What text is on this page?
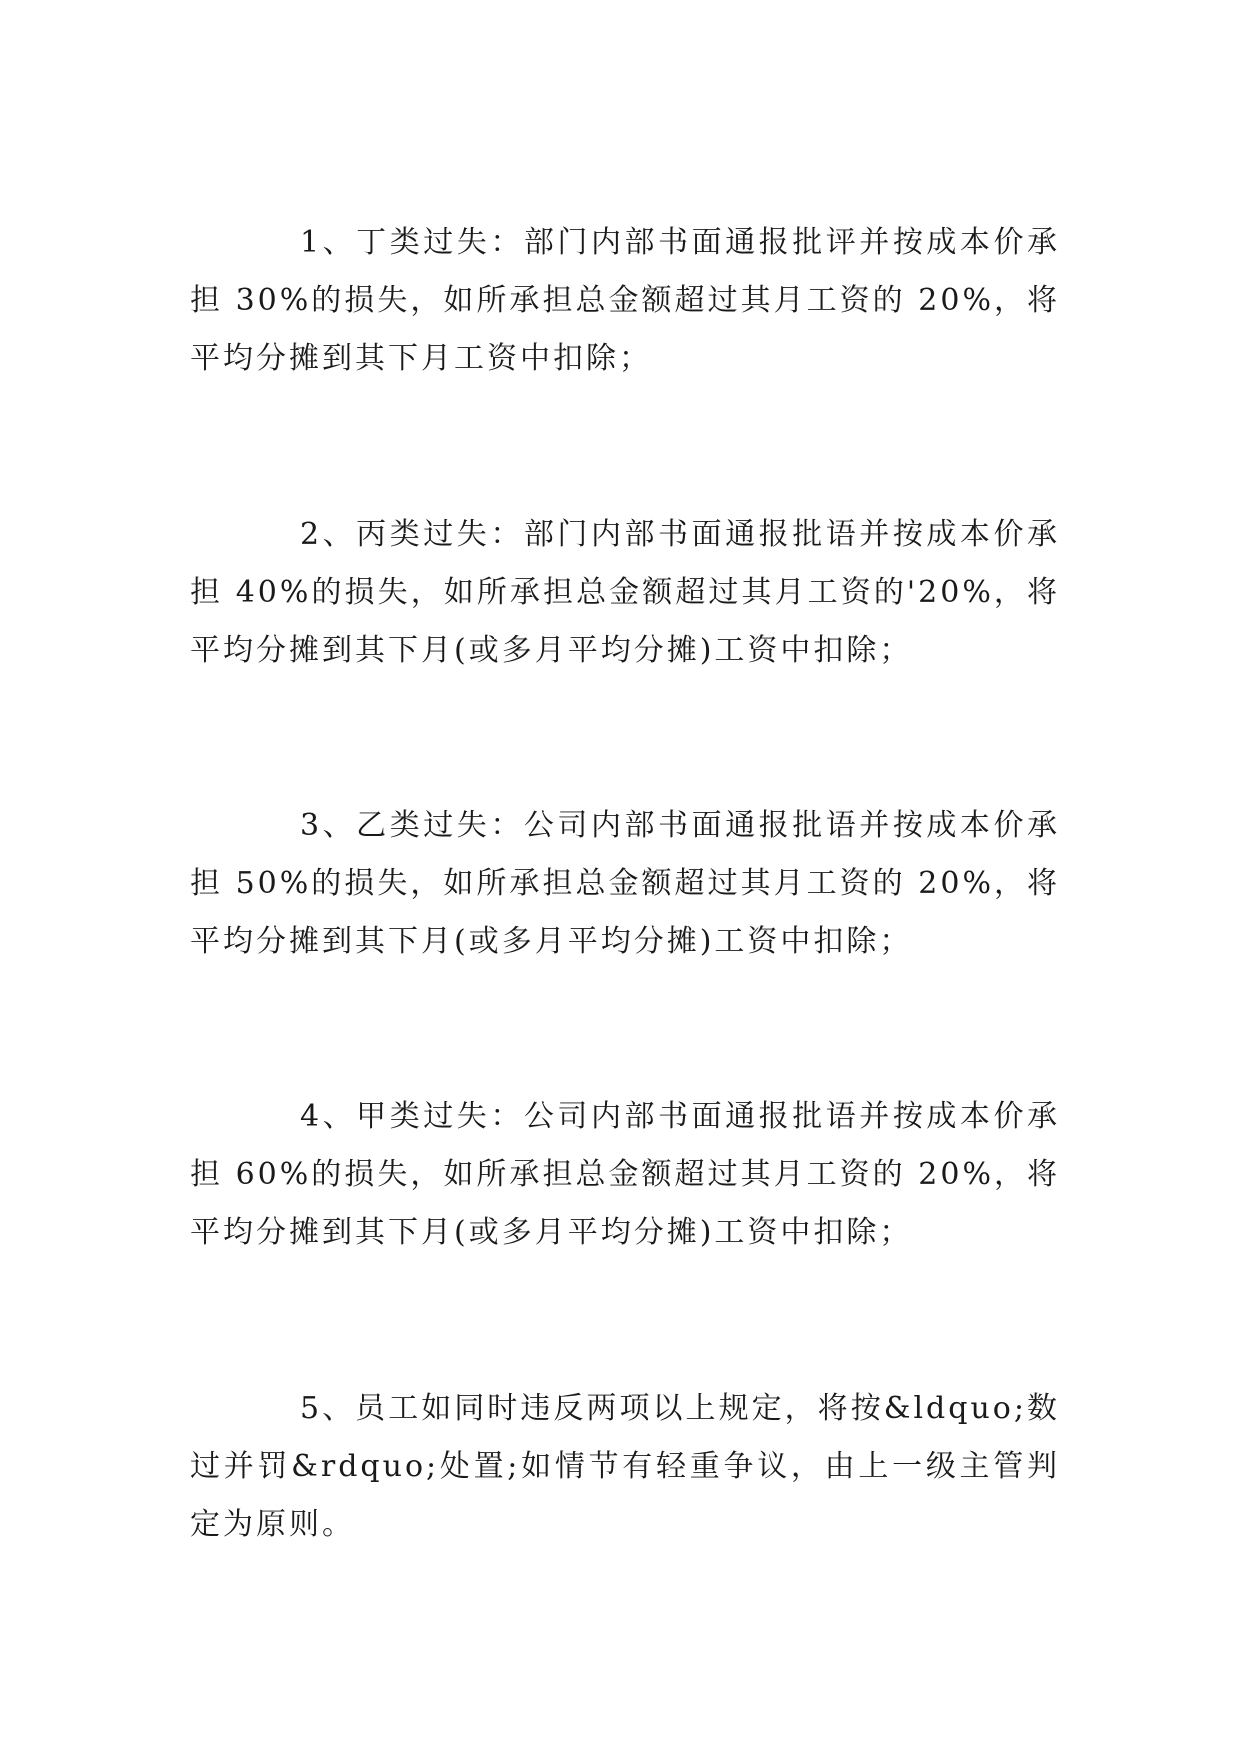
1、丁类过失：部门内部书面通报批评并按成本价承担 30%的损失，如所承担总金额超过其月工资的 20%，将平均分摊到其下月工资中扣除；

2、丙类过失：部门内部书面通报批语并按成本价承担 40%的损失，如所承担总金额超过其月工资的'20%，将平均分摊到其下月(或多月平均分摊)工资中扣除；

3、乙类过失：公司内部书面通报批语并按成本价承担 50%的损失，如所承担总金额超过其月工资的 20%，将平均分摊到其下月(或多月平均分摊)工资中扣除；

4、甲类过失：公司内部书面通报批语并按成本价承担 60%的损失，如所承担总金额超过其月工资的 20%，将平均分摊到其下月(或多月平均分摊)工资中扣除；

5、员工如同时违反两项以上规定，将按&ldquo;数过并罚&rdquo;处置;如情节有轻重争议，由上一级主管判定为原则。
